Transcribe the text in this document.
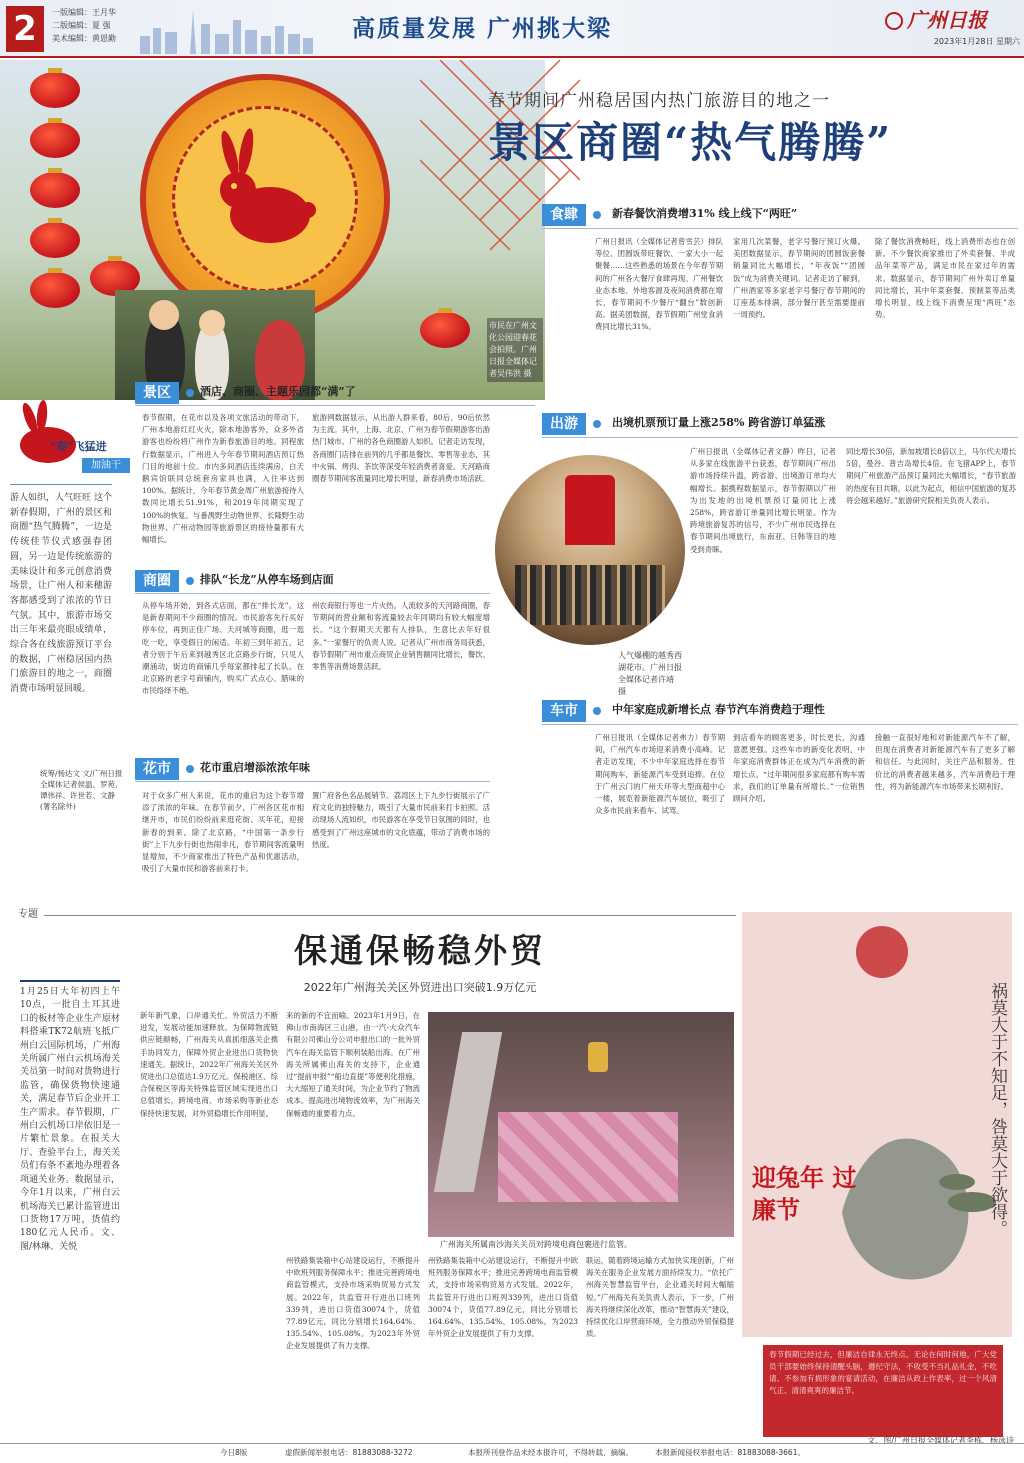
2	一版编辑：王月华
二版编辑：夏 强
美术编辑：黄恩勤	高质量发展 广州挑大梁	广州日报
2023年1月28日 星期六
市民在广州文化公园迎春花会拍照。广州日报全媒体记者吴伟洪 摄
春节期间广州稳居国内热门旅游目的地之一
景区商圈“热气腾腾”
“春”飞猛进
加油干
游人如织，人气旺旺 这个新春假期，广州的景区和商圈“热气腾腾”，一边是传统佳节仪式感强春团圆，另一边是传统旅游的美味设计和多元创意消费场景，让广州人和来穗游客都感受到了浓浓的节日气氛。其中，旅游市场交出三年来最亮眼成绩单，综合各在线旅游预订平台的数据，广州稳居国内热门旅游目的地之一，商圈消费市场明显回暖。
统筹/杨达文 文/广州日报全媒体记者侯温、罗苑、谭伟祥、许世若、文静(署名除外)
景区	酒店、商圈、主题乐园都“满”了
春节假期，在花市以及各项文旅活动的带动下，广州本地游红红火火，除本地游客外，众多外省游客也纷纷将广州作为新春旅游目的地。同程旅行数据显示，广州进入今年春节期间酒店预订热门目的地前十位。市内多间酒店连续满房，白天鹅宾馆联同总统套房家具也满，入住率达到100%。据统计，今年春节黄金周广州旅游接待人数同比增长51.91%，和2019年同期实现了100%的恢复。与番禺野生动物世界、长隆野生动物世界、广州动物园等旅游景区的接待量都有大幅增长。
旅游网数据显示，从出游人群来看，80后、90后依然为主流。其中，上海、北京、广州为春节假期游客出游热门城市。广州的各色商圈游人如织。记者走访发现，各商圈门店排在前列的几乎都是餐饮、零售等业态，其中火锅、烤肉、茶饮等深受年轻消费者喜爱。天河路商圈春节期间客流量同比增长明显，新春消费市场活跃。
商圈	排队“长龙”从停车场到店面
从停车场开始，到各式店面，都在“排长龙”。这是新春期间不少商圈的情况。市民游客先行买好停车位，再到正佳广场、天河城等商圈，逛一逛吃一吃，享受假日的闲适。年初三到年初五，记者分别于午后来到越秀区北京路步行街，只见人潮涌动，街边的商铺几乎每家都排起了长队。在北京路的老字号商铺内，购买广式点心、腊味的市民络绎不绝。
州农商银行等也一片火热。人流较多的天河路商圈，春节期间的营业额和客流量较去年同期均有较大幅度增长。“这个假期天天都有人排队，生意比去年好很多。”一家餐厅的负责人说。记者从广州市商务局获悉，春节假期广州市重点商贸企业销售额同比增长，餐饮、零售等消费场景活跃。
花市	花市重启增添浓浓年味
对于众多广州人来说，花市的重启为这个春节增添了浓浓的年味。在春节前夕，广州各区花市相继开市，市民们纷纷前来逛花街、买年花，迎接新春的到来。除了北京路，“中国第一条步行街”上下九步行街也热闹非凡，春节期间客流量明显增加，不少商家推出了特色产品和优惠活动，吸引了大量市民和游客前来打卡。
置广府各色名品展销节。荔湾区上下九步行街展示了广府文化的独特魅力，吸引了大量市民前来打卡拍照。活动现场人流如织，市民游客在享受节日氛围的同时，也感受到了广州这座城市的文化底蕴，带动了消费市场的热度。
食肆	新春餐饮消费增31% 线上线下“两旺”
广州日报讯（全媒体记者曾雪芸）排队等位、团圆饭带旺餐饮、一家大小一起聚餐……这些熟悉的场景在今年春节期间的广州各大餐厅食肆再现。广州餐饮业态本地、外地客源及夜间消费都在增长，春节期间不少餐厅“翻台”数创新高。据美团数据，春节假期广州堂食消费同比增长31%。
家用几次菜餐，老字号餐厅预订火爆。美团数据显示，春节期间的团圆饭套餐销量同比大幅增长，“年夜饭”“团圆饭”成为消费关键词。记者走访了解到，广州酒家等多家老字号餐厅春节期间的订座基本排满，部分餐厅甚至需要提前一周预约。
除了餐饮消费畅旺，线上消费形态也在创新。不少餐饮商家推出了外卖套餐、半成品年菜等产品，满足市民在家过年的需求。数据显示，春节期间广州外卖订单量同比增长，其中年菜套餐、预制菜等品类增长明显，线上线下消费呈现“两旺”态势。
出游	出境机票预订量上涨258% 跨省游订单猛涨
人气爆棚的越秀西湖花市。广州日报全媒体记者许靖 摄
广州日报讯（全媒体记者文静）昨日，记者从多家在线旅游平台获悉，春节期间广州出游市场持续升温，跨省游、出境游订单均大幅增长。据携程数据显示，春节假期以广州为出发地的出境机票预订量同比上涨258%，跨省游订单量同比增长明显。作为跨境旅游复苏的信号，不少广州市民选择在春节期间出境旅行，东南亚、日韩等目的地受到青睐。
同比增长30倍，新加坡增长8倍以上，马尔代夫增长5倍，曼谷、普吉岛增长4倍。在飞猪APP上，春节期间广州旅游产品预订量同比大幅增长，“春节旅游的热度有目共睹，以此为起点，相信中国旅游的复苏将会越来越好。”旅游研究院相关负责人表示。
车市	中年家庭成新增长点 春节汽车消费趋于理性
广州日报讯（全媒体记者弗力）春节期间，广州汽车市场迎来消费小高峰。记者走访发现，不少中年家庭选择在春节期间购车，新能源汽车受到追捧。在位于广州云门的广州天环等大型商超中心一楼，展览着新能源汽车展位，吸引了众多市民前来看车、试驾。
到店看车的顾客更多，时长更长，沟通意愿更强。这些车市的新变化表明，中年家庭消费群体正在成为汽车消费的新增长点。“过年期间很多家庭都有购车需求，我们的订单量有所增长。”一位销售顾问介绍。
接触一直很好地和对新能源汽车不了解，但现在消费者对新能源汽车有了更多了解和信任。与此同时，关注产品和服务、性价比的消费者越来越多，汽车消费趋于理性，将为新能源汽车市场带来长期利好。
专题
保通保畅稳外贸
2022年广州海关关区外贸进出口突破1.9万亿元
1月25日大年初四上午10点，一批自土耳其进口的板材等企业生产原材料搭乘TK72航班飞抵广州白云国际机场，广州海关所属广州白云机场海关关员第一时间对货物进行监管，确保货物快速通关，满足春节后企业开工生产需求。春节假期，广州白云机场口岸依旧是一片繁忙景象。在报关大厅、查验平台上，海关关员们有条不紊地办理着各项通关业务。数据显示，今年1月以来，广州白云机场海关已累计监管进出口货物17万吨，货值约180亿元人民币。文、图/林琳、关悦
新年新气象，口岸通关忙。外贸活力不断迸发，发展动能加速释放。为保障物流链供应链顺畅，广州海关从真抓细落关企携手协同发力，保障外贸企业进出口货物快速通关。据统计，2022年广州海关关区外贸进出口总值达1.9万亿元。保税港区、综合保税区等海关特殊监管区域实现进出口总值增长，跨境电商、市场采购等新业态保持快速发展，对外贸稳增长作用明显。
来的新的不宜而喻。2023年1月9日，在佛山市南海区三山港，由一汽-大众汽车有限公司佛山分公司申报出口的一批外贸汽车在海关监管下顺利装船出海。在广州海关所属佛山海关的支持下，企业通过“提前申报”“船边直提”等便利化措施，大大缩短了通关时间，为企业节约了物流成本。提高进出境物流效率，为广州海关保畅通的重要着力点。
广州海关所属南沙海关关员对跨境电商包裹进行监管。
州铁路集装箱中心站建设运行，不断提升中欧班列服务保障水平；推进完善跨境电商监管模式，支持市场采购贸易方式发展。2022年，共监管开行进出口班列339列，进出口货值30074个，货值77.89亿元，同比分别增长164.64%、135.54%、105.08%。为2023年外贸企业发展提供了有力支撑。
州铁路集装箱中心站建设运行，不断提升中欧班列服务保障水平；推进完善跨境电商监管模式，支持市场采购贸易方式发展。2022年，共监管开行进出口班列339列，进出口货值30074个，货值77.89亿元，同比分别增长164.64%、135.54%、105.08%。为2023年外贸企业发展提供了有力支撑。
联运，随着跨境运输方式加快实现创新，广州海关在服务企业发展方面持续发力。“依托广州海关智慧监管平台，企业通关时间大幅缩短。”广州海关有关负责人表示，下一步，广州海关将继续深化改革，推动“智慧海关”建设，持续优化口岸营商环境，全力推动外贸保稳提质。
祸莫大于不知足，咎莫大于欲得。
迎兔年 过廉节
春节假期已经过去，但廉洁自律永无终点。无论在何时何地，广大党员干部要始终保持清醒头脑，遵纪守法，不收受不当礼品礼金，不吃请、不参加有损形象的宴请活动，在廉洁从政上作表率，过一个风清气正、清清爽爽的廉洁节。
文、图/广州日报全媒体记者李栋、杨泳诗
今日8版	虚假新闻举报电话：81883088-3272	本报所刊登作品未经本报许可，不得转载、摘编。	本报新闻侵权举报电话：81883088-3661。
